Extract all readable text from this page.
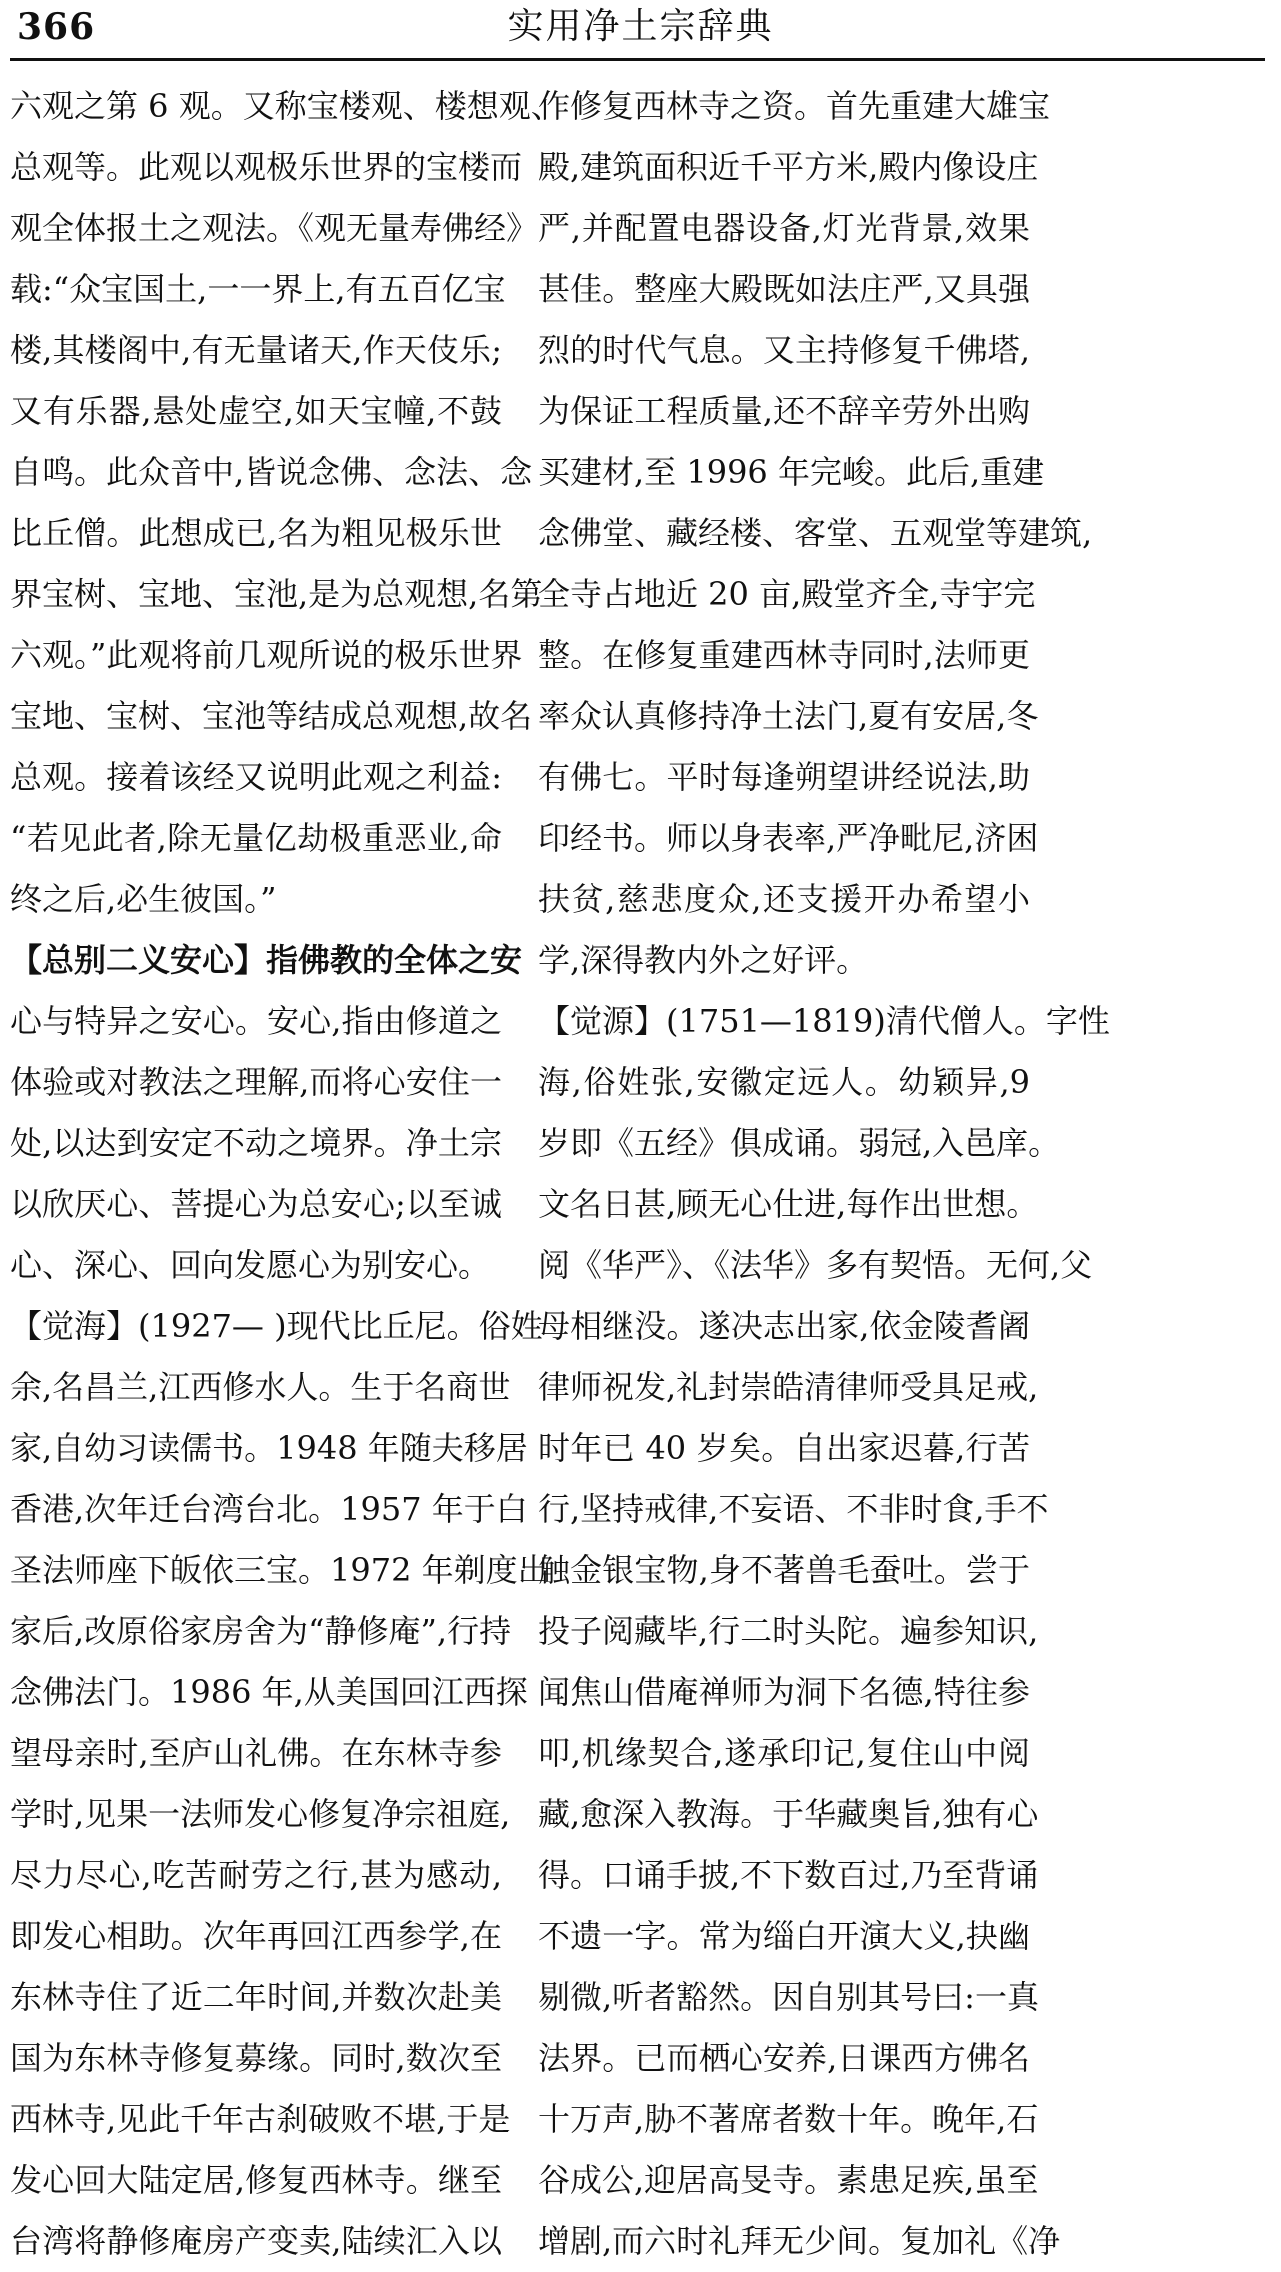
366	实用净土宗辞典
六观之第 6 观。又称宝楼观、楼想观、
总观等。此观以观极乐世界的宝楼而
观全体报土之观法。《观无量寿佛经》
载:“众宝国土,一一界上,有五百亿宝
楼,其楼阁中,有无量诸天,作天伎乐;
又有乐器,悬处虚空,如天宝幢,不鼓
自鸣。此众音中,皆说念佛、念法、念
比丘僧。此想成已,名为粗见极乐世
界宝树、宝地、宝池,是为总观想,名第
六观。”此观将前几观所说的极乐世界
宝地、宝树、宝池等结成总观想,故名
总观。接着该经又说明此观之利益:
“若见此者,除无量亿劫极重恶业,命
终之后,必生彼国。”
【总别二义安心】指佛教的全体之安
心与特异之安心。安心,指由修道之
体验或对教法之理解,而将心安住一
处,以达到安定不动之境界。净土宗
以欣厌心、菩提心为总安心;以至诚
心、深心、回向发愿心为别安心。
【觉海】(1927— )现代比丘尼。俗姓
余,名昌兰,江西修水人。生于名商世
家,自幼习读儒书。1948 年随夫移居
香港,次年迁台湾台北。1957 年于白
圣法师座下皈依三宝。1972 年剃度出
家后,改原俗家房舍为“静修庵”,行持
念佛法门。1986 年,从美国回江西探
望母亲时,至庐山礼佛。在东林寺参
学时,见果一法师发心修复净宗祖庭,
尽力尽心,吃苦耐劳之行,甚为感动,
即发心相助。次年再回江西参学,在
东林寺住了近二年时间,并数次赴美
国为东林寺修复募缘。同时,数次至
西林寺,见此千年古刹破败不堪,于是
发心回大陆定居,修复西林寺。继至
台湾将静修庵房产变卖,陆续汇入以
作修复西林寺之资。首先重建大雄宝
殿,建筑面积近千平方米,殿内像设庄
严,并配置电器设备,灯光背景,效果
甚佳。整座大殿既如法庄严,又具强
烈的时代气息。又主持修复千佛塔,
为保证工程质量,还不辞辛劳外出购
买建材,至 1996 年完峻。此后,重建
念佛堂、藏经楼、客堂、五观堂等建筑,
全寺占地近 20 亩,殿堂齐全,寺宇完
整。在修复重建西林寺同时,法师更
率众认真修持净土法门,夏有安居,冬
有佛七。平时每逢朔望讲经说法,助
印经书。师以身表率,严净毗尼,济困
扶贫,慈悲度众,还支援开办希望小
学,深得教内外之好评。
【觉源】(1751—1819)清代僧人。字性
海,俗姓张,安徽定远人。幼颖异,9
岁即《五经》俱成诵。弱冠,入邑庠。
文名日甚,顾无心仕进,每作出世想。
阅《华严》、《法华》多有契悟。无何,父
母相继没。遂决志出家,依金陵耆阇
律师祝发,礼封崇皓清律师受具足戒,
时年已 40 岁矣。自出家迟暮,行苦
行,坚持戒律,不妄语、不非时食,手不
触金银宝物,身不著兽毛蚕吐。尝于
投子阅藏毕,行二时头陀。遍参知识,
闻焦山借庵禅师为洞下名德,特往参
叩,机缘契合,遂承印记,复住山中阅
藏,愈深入教海。于华藏奥旨,独有心
得。口诵手披,不下数百过,乃至背诵
不遗一字。常为缁白开演大义,抉幽
剔微,听者豁然。因自别其号曰:一真
法界。已而栖心安养,日课西方佛名
十万声,胁不著席者数十年。晚年,石
谷成公,迎居高旻寺。素患足疾,虽至
增剧,而六时礼拜无少间。复加礼《净
